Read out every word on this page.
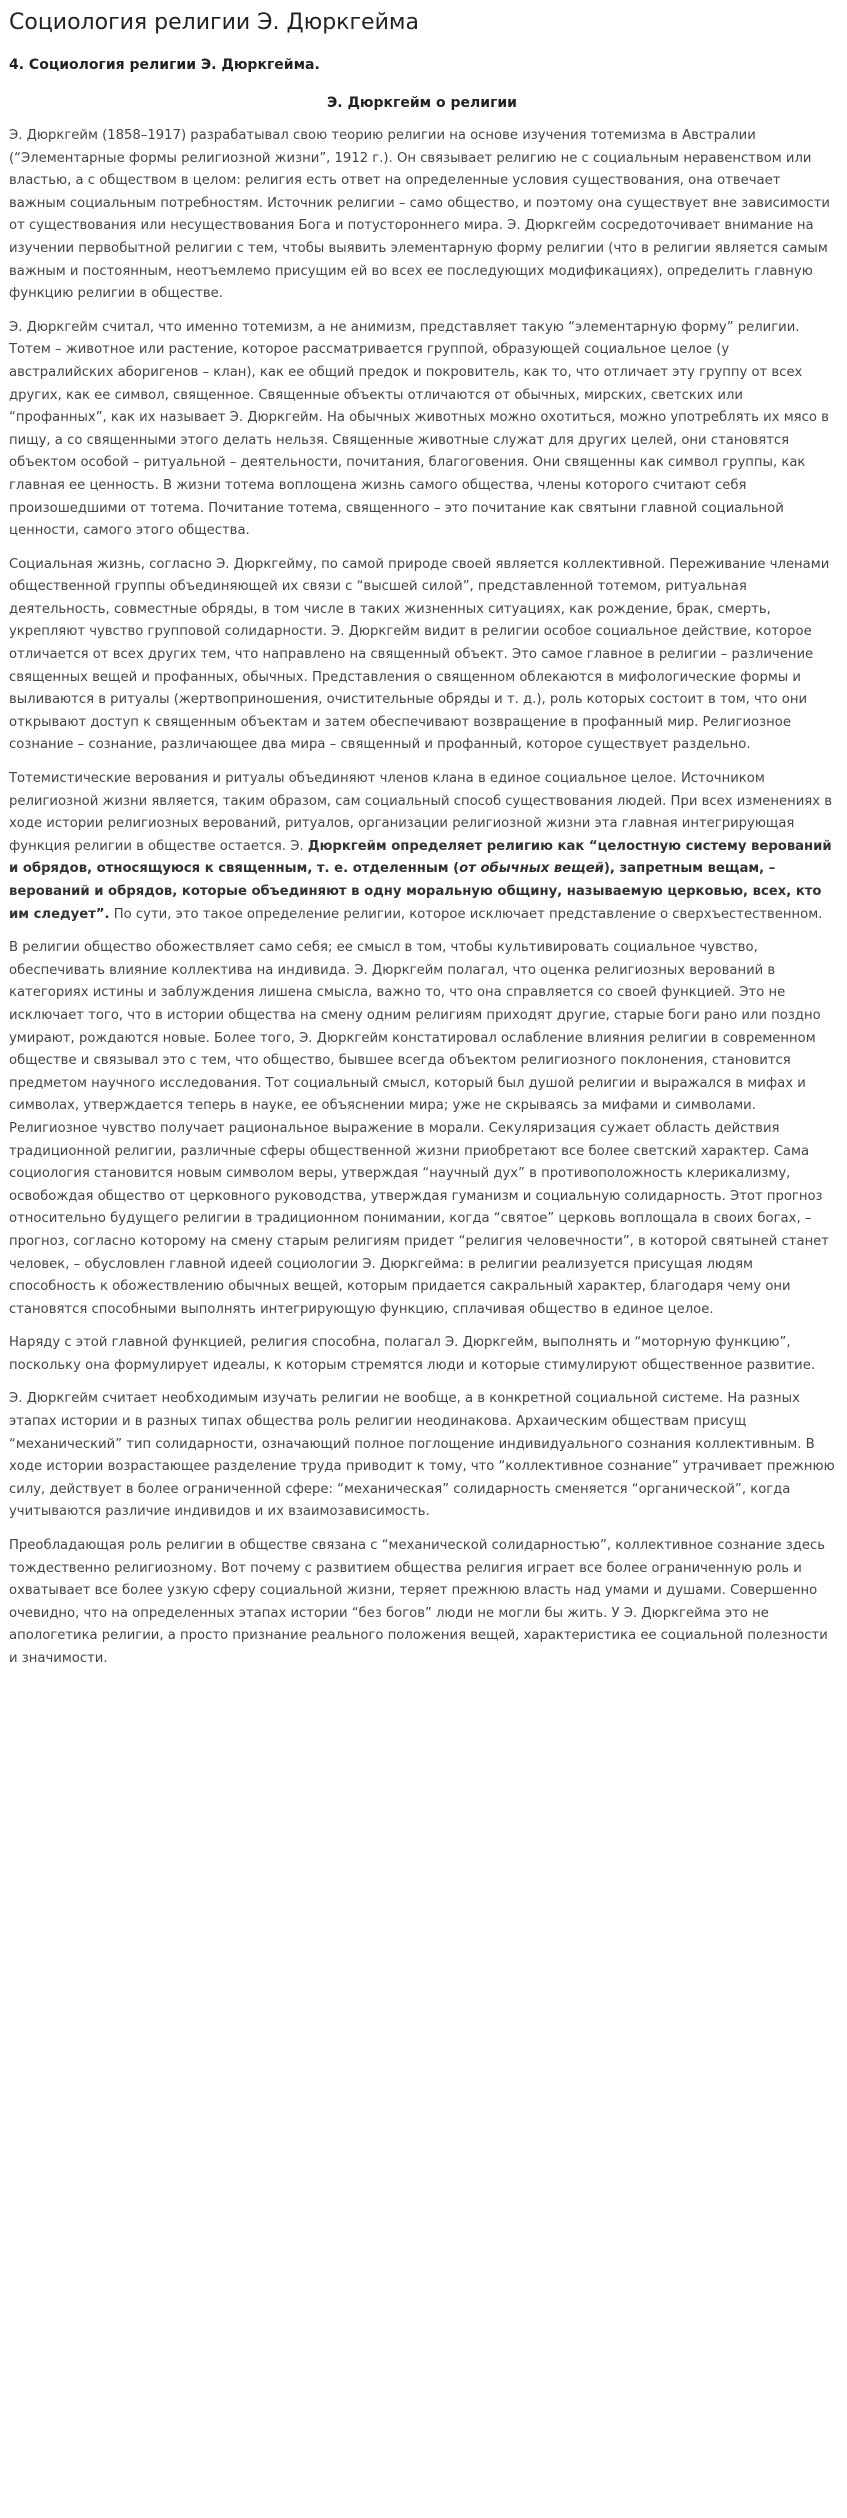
Социология религии Э. Дюркгейма

4. Социология религии Э. Дюркгейма.

Э. Дюркгейм о религии

Э. Дюркгейм (1858–1917) разрабатывал свою теорию религии на основе изучения тотемизма в Австралии (“Элементарные формы религиозной жизни”, 1912 г.). Он связывает религию не с социальным неравенством или властью, а с обществом в целом: религия есть ответ на определенные условия существования, она отвечает важным социальным потребностям. Источник религии – само общество, и поэтому она существует вне зависимости от существования или несуществования Бога и потустороннего мира. Э. Дюркгейм сосредоточивает внимание на изучении первобытной религии с тем, чтобы выявить элементарную форму религии (что в религии является самым важным и постоянным, неотъемлемо присущим ей во всех ее последующих модификациях), определить главную функцию религии в обществе.

Э. Дюркгейм считал, что именно тотемизм, а не анимизм, представляет такую “элементарную форму” религии. Тотем – животное или растение, которое рассматривается группой, образующей социальное целое (у австралийских аборигенов – клан), как ее общий предок и покровитель, как то, что отличает эту группу от всех других, как ее символ, священное. Священные объекты отличаются от обычных, мирских, светских или “профанных”, как их называет Э. Дюркгейм. На обычных животных можно охотиться, можно употреблять их мясо в пищу, а со священными этого делать нельзя. Священные животные служат для других целей, они становятся объектом особой – ритуальной – деятельности, почитания, благоговения. Они священны как символ группы, как главная ее ценность. В жизни тотема воплощена жизнь самого общества, члены которого считают себя произошедшими от тотема. Почитание тотема, священного – это почитание как святыни главной социальной ценности, самого этого общества.

Социальная жизнь, согласно Э. Дюркгейму, по самой природе своей является коллективной. Переживание членами общественной группы объединяющей их связи с “высшей силой”, представленной тотемом, ритуальная деятельность, совместные обряды, в том числе в таких жизненных ситуациях, как рождение, брак, смерть, укрепляют чувство групповой солидарности. Э. Дюркгейм видит в религии особое социальное действие, которое отличается от всех других тем, что направлено на священный объект. Это самое главное в религии – различение священных вещей и профанных, обычных. Представления о священном облекаются в мифологические формы и выливаются в ритуалы (жертвоприношения, очистительные обряды и т. д.), роль которых состоит в том, что они открывают доступ к священным объектам и затем обеспечивают возвращение в профанный мир. Религиозное сознание – сознание, различающее два мира – священный и профанный, которое существует раздельно.

Тотемистические верования и ритуалы объединяют членов клана в единое социальное целое. Источником религиозной жизни является, таким образом, сам социальный способ существования людей. При всех изменениях в ходе истории религиозных верований, ритуалов, организации религиозной жизни эта главная интегрирующая функция религии в обществе остается. Э. Дюркгейм определяет религию как “целостную систему верований и обрядов, относящуюся к священным, т. е. отделенным (от обычных вещей), запретным вещам, – верований и обрядов, которые объединяют в одну моральную общину, называемую церковью, всех, кто им следует”. По сути, это такое определение религии, которое исключает представление о сверхъестественном.

В религии общество обожествляет само себя; ее смысл в том, чтобы культивировать социальное чувство, обеспечивать влияние коллектива на индивида. Э. Дюркгейм полагал, что оценка религиозных верований в категориях истины и заблуждения лишена смысла, важно то, что она справляется со своей функцией. Это не исключает того, что в истории общества на смену одним религиям приходят другие, старые боги рано или поздно умирают, рождаются новые. Более того, Э. Дюркгейм констатировал ослабление влияния религии в современном обществе и связывал это с тем, что общество, бывшее всегда объектом религиозного поклонения, становится предметом научного исследования. Тот социальный смысл, который был душой религии и выражался в мифах и символах, утверждается теперь в науке, ее объяснении мира; уже не скрываясь за мифами и символами. Религиозное чувство получает рациональное выражение в морали. Секуляризация сужает область действия традиционной религии, различные сферы общественной жизни приобретают все более светский характер. Сама социология становится новым символом веры, утверждая “научный дух” в противоположность клерикализму, освобождая общество от церковного руководства, утверждая гуманизм и социальную солидарность. Этот прогноз относительно будущего религии в традиционном понимании, когда “святое” церковь воплощала в своих богах, – прогноз, согласно которому на смену старым религиям придет “религия человечности”, в которой святыней станет человек, – обусловлен главной идеей социологии Э. Дюркгейма: в религии реализуется присущая людям способность к обожествлению обычных вещей, которым придается сакральный характер, благодаря чему они становятся способными выполнять интегрирующую функцию, сплачивая общество в единое целое.

Наряду с этой главной функцией, религия способна, полагал Э. Дюркгейм, выполнять и “моторную функцию”, поскольку она формулирует идеалы, к которым стремятся люди и которые стимулируют общественное развитие.

Э. Дюркгейм считает необходимым изучать религии не вообще, а в конкретной социальной системе. На разных этапах истории и в разных типах общества роль религии неодинакова. Архаическим обществам присущ “механический” тип солидарности, означающий полное поглощение индивидуального сознания коллективным. В ходе истории возрастающее разделение труда приводит к тому, что “коллективное сознание” утрачивает прежнюю силу, действует в более ограниченной сфере: “механическая” солидарность сменяется “органической”, когда учитываются различие индивидов и их взаимозависимость.

Преобладающая роль религии в обществе связана с “механической солидарностью”, коллективное сознание здесь тождественно религиозному. Вот почему с развитием общества религия играет все более ограниченную роль и охватывает все более узкую сферу социальной жизни, теряет прежнюю власть над умами и душами. Совершенно очевидно, что на определенных этапах истории “без богов” люди не могли бы жить. У Э. Дюркгейма это не апологетика религии, а просто признание реального положения вещей, характеристика ее социальной полезности и значимости.
